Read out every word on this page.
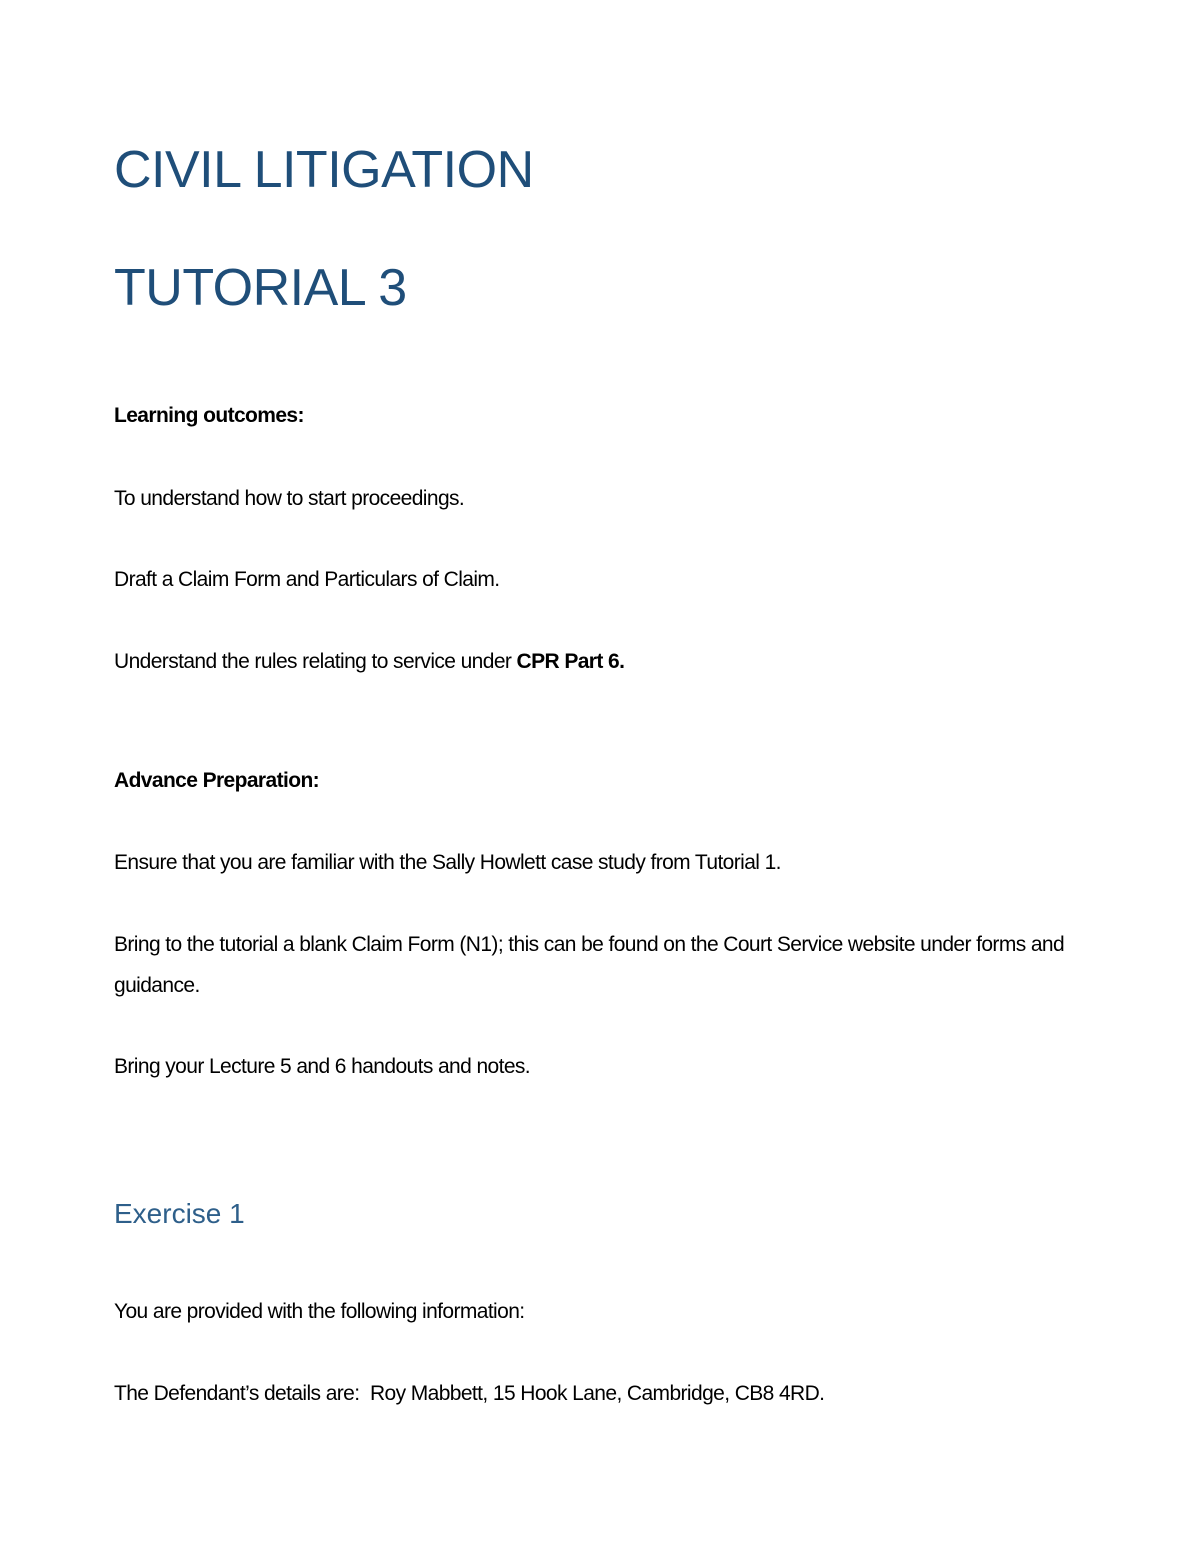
CIVIL LITIGATION
TUTORIAL 3

Learning outcomes:

To understand how to start proceedings.

Draft a Claim Form and Particulars of Claim.

Understand the rules relating to service under CPR Part 6.

Advance Preparation:

Ensure that you are familiar with the Sally Howlett case study from Tutorial 1.

Bring to the tutorial a blank Claim Form (N1); this can be found on the Court Service website under forms and guidance.

Bring your Lecture 5 and 6 handouts and notes.

Exercise 1

You are provided with the following information:

The Defendant’s details are:  Roy Mabbett, 15 Hook Lane, Cambridge, CB8 4RD.
